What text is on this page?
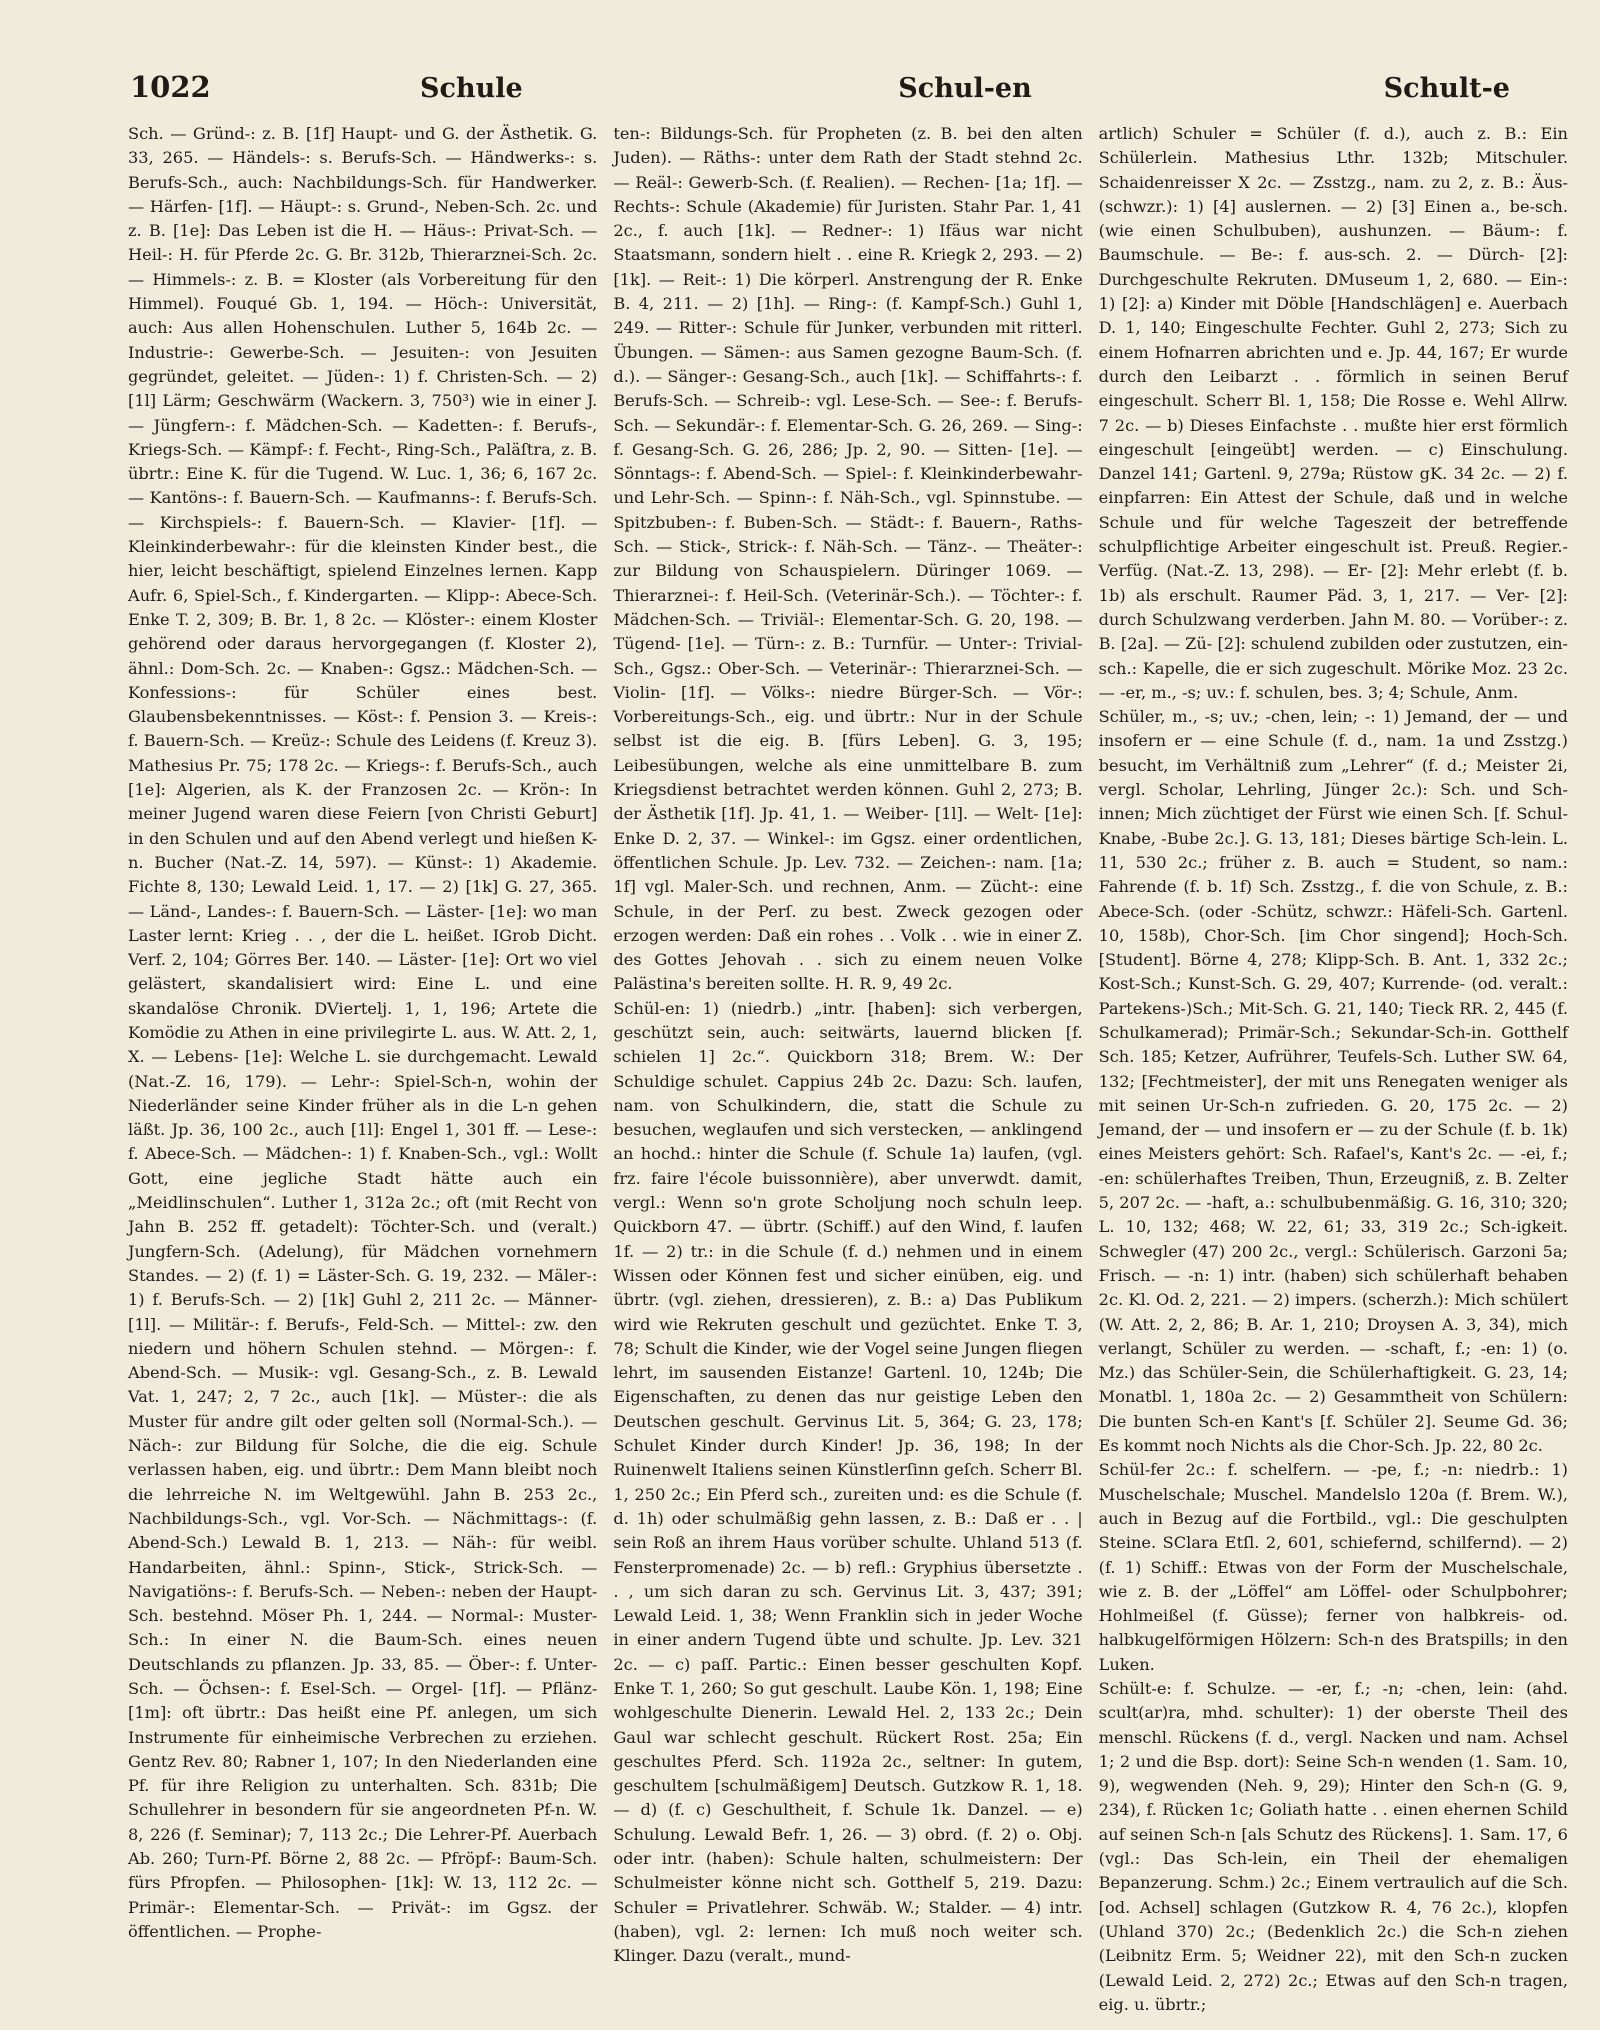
1022	Schule	Schul-en	Schult-e

Sch. — Gründ-: z. B. [1f] Haupt- und G. der Ästhetik. G. 33, 265. — Händels-: s. Berufs-Sch. — Händwerks-: s. Berufs-Sch., auch: Nachbildungs-Sch. für Handwerker. — Härfen- [1f]. — Häupt-: s. Grund-, Neben-Sch. 2c. und z. B. [1e]: Das Leben ist die H. — Häus-: Privat-Sch. — Heil-: H. für Pferde 2c. G. Br. 312b, Thierarznei-Sch. 2c. — Himmels-: z. B. = Kloster (als Vorbereitung für den Himmel). Fouqué Gb. 1, 194. — Höch-: Universität, auch: Aus allen Hohenschulen. Luther 5, 164b 2c. — Industrie-: Gewerbe-Sch. — Jesuiten-: von Jesuiten gegründet, geleitet. — Jüden-: 1) f. Christen-Sch. — 2) [1l] Lärm; Geschwärm (Wackern. 3, 750³) wie in einer J. — Jüngfern-: f. Mädchen-Sch. — Kadetten-: f. Berufs-, Kriegs-Sch. — Kämpf-: f. Fecht-, Ring-Sch., Paläſtra, z. B. übrtr.: Eine K. für die Tugend. W. Luc. 1, 36; 6, 167 2c. — Kantöns-: f. Bauern-Sch. — Kaufmanns-: f. Berufs-Sch. — Kirchspiels-: f. Bauern-Sch. — Klavier- [1f]. — Kleinkinderbewahr-: für die kleinsten Kinder best., die hier, leicht beschäftigt, spielend Einzelnes lernen. Kapp Aufr. 6, Spiel-Sch., f. Kindergarten. — Klipp-: Abece-Sch. Enke T. 2, 309; B. Br. 1, 8 2c. — Klöster-: einem Kloster gehörend oder daraus hervorgegangen (f. Kloster 2), ähnl.: Dom-Sch. 2c. — Knaben-: Ggsz.: Mädchen-Sch. — Konfessions-: für Schüler eines best. Glaubensbekenntnisses. — Köst-: f. Pension 3. — Kreis-: f. Bauern-Sch. — Kreüz-: Schule des Leidens (f. Kreuz 3). Mathesius Pr. 75; 178 2c. — Kriegs-: f. Berufs-Sch., auch [1e]: Algerien, als K. der Franzosen 2c. — Krön-: In meiner Jugend waren diese Feiern [von Christi Geburt] in den Schulen und auf den Abend verlegt und hießen K-n. Bucher (Nat.-Z. 14, 597). — Künst-: 1) Akademie. Fichte 8, 130; Lewald Leid. 1, 17. — 2) [1k] G. 27, 365. — Länd-, Landes-: f. Bauern-Sch. — Läster- [1e]: wo man Laster lernt: Krieg . . , der die L. heißet. IGrob Dicht. Verf. 2, 104; Görres Ber. 140. — Läster- [1e]: Ort wo viel gelästert, skandalisiert wird: Eine L. und eine skandalöse Chronik. DViertelj. 1, 1, 196; Artete die Komödie zu Athen in eine privilegirte L. aus. W. Att. 2, 1, X. — Lebens- [1e]: Welche L. sie durchgemacht. Lewald (Nat.-Z. 16, 179). — Lehr-: Spiel-Sch-n, wohin der Niederländer seine Kinder früher als in die L-n gehen läßt. Jp. 36, 100 2c., auch [1l]: Engel 1, 301 ff. — Lese-: f. Abece-Sch. — Mädchen-: 1) f. Knaben-Sch., vgl.: Wollt Gott, eine jegliche Stadt hätte auch ein „Meidlinschulen“. Luther 1, 312a 2c.; oft (mit Recht von Jahn B. 252 ff. getadelt): Töchter-Sch. und (veralt.) Jungfern-Sch. (Adelung), für Mädchen vornehmern Standes. — 2) (f. 1) = Läster-Sch. G. 19, 232. — Mäler-: 1) f. Berufs-Sch. — 2) [1k] Guhl 2, 211 2c. — Männer- [1l]. — Militär-: f. Berufs-, Feld-Sch. — Mittel-: zw. den niedern und höhern Schulen stehnd. — Mörgen-: f. Abend-Sch. — Musik-: vgl. Gesang-Sch., z. B. Lewald Vat. 1, 247; 2, 7 2c., auch [1k]. — Müster-: die als Muster für andre gilt oder gelten soll (Normal-Sch.). — Näch-: zur Bildung für Solche, die die eig. Schule verlassen haben, eig. und übrtr.: Dem Mann bleibt noch die lehrreiche N. im Weltgewühl. Jahn B. 253 2c., Nachbildungs-Sch., vgl. Vor-Sch. — Nächmittags-: (f. Abend-Sch.) Lewald B. 1, 213. — Näh-: für weibl. Handarbeiten, ähnl.: Spinn-, Stick-, Strick-Sch. — Navigatiöns-: f. Berufs-Sch. — Neben-: neben der Haupt-Sch. bestehnd. Möser Ph. 1, 244. — Normal-: Muster-Sch.: In einer N. die Baum-Sch. eines neuen Deutschlands zu pflanzen. Jp. 33, 85. — Öber-: f. Unter-Sch. — Öchsen-: f. Esel-Sch. — Orgel- [1f]. — Pflänz- [1m]: oft übrtr.: Das heißt eine Pf. anlegen, um sich Instrumente für einheimische Verbrechen zu erziehen. Gentz Rev. 80; Rabner 1, 107; In den Niederlanden eine Pf. für ihre Religion zu unterhalten. Sch. 831b; Die Schullehrer in besondern für sie angeordneten Pf-n. W. 8, 226 (f. Seminar); 7, 113 2c.; Die Lehrer-Pf. Auerbach Ab. 260; Turn-Pf. Börne 2, 88 2c. — Pfröpf-: Baum-Sch. fürs Pfropfen. — Philosophen- [1k]: W. 13, 112 2c. — Primär-: Elementar-Sch. — Privät-: im Ggsz. der öffentlichen. — Prophe-

ten-: Bildungs-Sch. für Propheten (z. B. bei den alten Juden). — Räths-: unter dem Rath der Stadt stehnd 2c. — Reäl-: Gewerb-Sch. (f. Realien). — Rechen- [1a; 1f]. — Rechts-: Schule (Akademie) für Juristen. Stahr Par. 1, 41 2c., f. auch [1k]. — Redner-: 1) Ifäus war nicht Staatsmann, sondern hielt . . eine R. Kriegk 2, 293. — 2) [1k]. — Reit-: 1) Die körperl. Anstrengung der R. Enke B. 4, 211. — 2) [1h]. — Ring-: (f. Kampf-Sch.) Guhl 1, 249. — Ritter-: Schule für Junker, verbunden mit ritterl. Übungen. — Sämen-: aus Samen gezogne Baum-Sch. (f. d.). — Sänger-: Gesang-Sch., auch [1k]. — Schiffahrts-: f. Berufs-Sch. — Schreib-: vgl. Lese-Sch. — See-: f. Berufs-Sch. — Sekundär-: f. Elementar-Sch. G. 26, 269. — Sing-: f. Gesang-Sch. G. 26, 286; Jp. 2, 90. — Sitten- [1e]. — Sönntags-: f. Abend-Sch. — Spiel-: f. Kleinkinderbewahr- und Lehr-Sch. — Spinn-: f. Näh-Sch., vgl. Spinnstube. — Spitzbuben-: f. Buben-Sch. — Städt-: f. Bauern-, Raths-Sch. — Stick-, Strick-: f. Näh-Sch. — Tänz-. — Theäter-: zur Bildung von Schauspielern. Düringer 1069. — Thierarznei-: f. Heil-Sch. (Veterinär-Sch.). — Töchter-: f. Mädchen-Sch. — Triviäl-: Elementar-Sch. G. 20, 198. — Tügend- [1e]. — Türn-: z. B.: Turnfür. — Unter-: Trivial-Sch., Ggsz.: Ober-Sch. — Veterinär-: Thierarznei-Sch. — Violin- [1f]. — Völks-: niedre Bürger-Sch. — Vör-: Vorbereitungs-Sch., eig. und übrtr.: Nur in der Schule selbst ist die eig. B. [fürs Leben]. G. 3, 195; Leibesübungen, welche als eine unmittelbare B. zum Kriegsdienst betrachtet werden können. Guhl 2, 273; B. der Ästhetik [1f]. Jp. 41, 1. — Weiber- [1l]. — Welt- [1e]: Enke D. 2, 37. — Winkel-: im Ggsz. einer ordentlichen, öffentlichen Schule. Jp. Lev. 732. — Zeichen-: nam. [1a; 1f] vgl. Maler-Sch. und rechnen, Anm. — Zücht-: eine Schule, in der Perſ. zu best. Zweck gezogen oder erzogen werden: Daß ein rohes . . Volk . . wie in einer Z. des Gottes Jehovah . . sich zu einem neuen Volke Palästina's bereiten sollte. H. R. 9, 49 2c.

Schül-en: 1) (niedrb.) „intr. [haben]: sich verbergen, geschützt sein, auch: seitwärts, lauernd blicken [f. schielen 1] 2c.“. Quickborn 318; Brem. W.: Der Schuldige schulet. Cappius 24b 2c. Dazu: Sch. laufen, nam. von Schulkindern, die, statt die Schule zu besuchen, weglaufen und sich verstecken, — anklingend an hochd.: hinter die Schule (f. Schule 1a) laufen, (vgl. frz. faire l'école buissonnière), aber unverwdt. damit, vergl.: Wenn so'n grote Scholjung noch schuln leep. Quickborn 47. — übrtr. (Schiff.) auf den Wind, f. laufen 1f. — 2) tr.: in die Schule (f. d.) nehmen und in einem Wissen oder Können fest und sicher einüben, eig. und übrtr. (vgl. ziehen, dressieren), z. B.: a) Das Publikum wird wie Rekruten geschult und gezüchtet. Enke T. 3, 78; Schult die Kinder, wie der Vogel seine Jungen fliegen lehrt, im sausenden Eistanze! Gartenl. 10, 124b; Die Eigenschaften, zu denen das nur geistige Leben den Deutschen geschult. Gervinus Lit. 5, 364; G. 23, 178; Schulet Kinder durch Kinder! Jp. 36, 198; In der Ruinenwelt Italiens seinen Künstlerſinn geſch. Scherr Bl. 1, 250 2c.; Ein Pferd sch., zureiten und: es die Schule (f. d. 1h) oder schulmäßig gehn lassen, z. B.: Daß er . . | sein Roß an ihrem Haus vorüber schulte. Uhland 513 (f. Fensterpromenade) 2c. — b) refl.: Gryphius übersetzte . . , um sich daran zu sch. Gervinus Lit. 3, 437; 391; Lewald Leid. 1, 38; Wenn Franklin sich in jeder Woche in einer andern Tugend übte und schulte. Jp. Lev. 321 2c. — c) paſſ. Partic.: Einen besser geschulten Kopf. Enke T. 1, 260; So gut geschult. Laube Kön. 1, 198; Eine wohlgeschulte Dienerin. Lewald Hel. 2, 133 2c.; Dein Gaul war schlecht geschult. Rückert Rost. 25a; Ein geschultes Pferd. Sch. 1192a 2c., seltner: In gutem, geschultem [schulmäßigem] Deutsch. Gutzkow R. 1, 18. — d) (f. c) Geschultheit, f. Schule 1k. Danzel. — e) Schulung. Lewald Befr. 1, 26. — 3) obrd. (f. 2) o. Obj. oder intr. (haben): Schule halten, schulmeistern: Der Schulmeister könne nicht sch. Gotthelf 5, 219. Dazu: Schuler = Privatlehrer. Schwäb. W.; Stalder. — 4) intr. (haben), vgl. 2: lernen: Ich muß noch weiter sch. Klinger. Dazu (veralt., mund-

artlich) Schuler = Schüler (f. d.), auch z. B.: Ein Schülerlein. Mathesius Lthr. 132b; Mitschuler. Schaidenreisser X 2c. — Zsstzg., nam. zu 2, z. B.: Äus- (schwzr.): 1) [4] auslernen. — 2) [3] Einen a., be-sch. (wie einen Schulbuben), aushunzen. — Bäum-: f. Baumschule. — Be-: f. aus-sch. 2. — Dürch- [2]: Durchgeschulte Rekruten. DMuseum 1, 2, 680. — Ein-: 1) [2]: a) Kinder mit Döble [Handschlägen] e. Auerbach D. 1, 140; Eingeschulte Fechter. Guhl 2, 273; Sich zu einem Hofnarren abrichten und e. Jp. 44, 167; Er wurde durch den Leibarzt . . förmlich in seinen Beruf eingeschult. Scherr Bl. 1, 158; Die Rosse e. Wehl Allrw. 7 2c. — b) Dieses Einfachste . . mußte hier erst förmlich eingeschult [eingeübt] werden. — c) Einschulung. Danzel 141; Gartenl. 9, 279a; Rüstow gK. 34 2c. — 2) f. einpfarren: Ein Attest der Schule, daß und in welche Schule und für welche Tageszeit der betreffende schulpflichtige Arbeiter eingeschult ist. Preuß. Regier.-Verfüg. (Nat.-Z. 13, 298). — Er- [2]: Mehr erlebt (f. b. 1b) als erschult. Raumer Päd. 3, 1, 217. — Ver- [2]: durch Schulzwang verderben. Jahn M. 80. — Vorüber-: z. B. [2a]. — Zü- [2]: schulend zubilden oder zustutzen, ein-sch.: Kapelle, die er sich zugeschult. Mörike Moz. 23 2c. — -er, m., -s; uv.: f. schulen, bes. 3; 4; Schule, Anm.

Schüler, m., -s; uv.; -chen, lein; -: 1) Jemand, der — und insofern er — eine Schule (f. d., nam. 1a und Zsstzg.) besucht, im Verhältniß zum „Lehrer“ (f. d.; Meister 2i, vergl. Scholar, Lehrling, Jünger 2c.): Sch. und Sch-innen; Mich züchtiget der Fürst wie einen Sch. [f. Schul-Knabe, -Bube 2c.]. G. 13, 181; Dieses bärtige Sch-lein. L. 11, 530 2c.; früher z. B. auch = Student, so nam.: Fahrende (f. b. 1f) Sch. Zsstzg., f. die von Schule, z. B.: Abece-Sch. (oder -Schütz, schwzr.: Häfeli-Sch. Gartenl. 10, 158b), Chor-Sch. [im Chor singend]; Hoch-Sch. [Student]. Börne 4, 278; Klipp-Sch. B. Ant. 1, 332 2c.; Kost-Sch.; Kunst-Sch. G. 29, 407; Kurrende- (od. veralt.: Partekens-)Sch.; Mit-Sch. G. 21, 140; Tieck RR. 2, 445 (f. Schulkamerad); Primär-Sch.; Sekundar-Sch-in. Gotthelf Sch. 185; Ketzer, Aufrührer, Teufels-Sch. Luther SW. 64, 132; [Fechtmeister], der mit uns Renegaten weniger als mit seinen Ur-Sch-n zufrieden. G. 20, 175 2c. — 2) Jemand, der — und insofern er — zu der Schule (f. b. 1k) eines Meisters gehört: Sch. Rafael's, Kant's 2c. — -ei, f.; -en: schülerhaftes Treiben, Thun, Erzeugniß, z. B. Zelter 5, 207 2c. — -haft, a.: schulbubenmäßig. G. 16, 310; 320; L. 10, 132; 468; W. 22, 61; 33, 319 2c.; Sch-igkeit. Schwegler (47) 200 2c., vergl.: Schülerisch. Garzoni 5a; Frisch. — -n: 1) intr. (haben) sich schülerhaft behaben 2c. Kl. Od. 2, 221. — 2) impers. (scherzh.): Mich schülert (W. Att. 2, 2, 86; B. Ar. 1, 210; Droysen A. 3, 34), mich verlangt, Schüler zu werden. — -schaft, f.; -en: 1) (o. Mz.) das Schüler-Sein, die Schülerhaftigkeit. G. 23, 14; Monatbl. 1, 180a 2c. — 2) Gesammtheit von Schülern: Die bunten Sch-en Kant's [f. Schüler 2]. Seume Gd. 36; Es kommt noch Nichts als die Chor-Sch. Jp. 22, 80 2c.

Schül-fer 2c.: f. schelfern. — -pe, f.; -n: niedrb.: 1) Muschelschale; Muschel. Mandelslo 120a (f. Brem. W.), auch in Bezug auf die Fortbild., vgl.: Die geschulpten Steine. SClara Etſl. 2, 601, schiefernd, schilfernd). — 2) (f. 1) Schiff.: Etwas von der Form der Muschelschale, wie z. B. der „Löffel“ am Löffel- oder Schulpbohrer; Hohlmeißel (f. Güsse); ferner von halbkreis- od. halbkugelförmigen Hölzern: Sch-n des Bratspills; in den Luken.

Schült-e: f. Schulze. — -er, f.; -n; -chen, lein: (ahd. scult(ar)ra, mhd. schulter): 1) der oberste Theil des menschl. Rückens (f. d., vergl. Nacken und nam. Achsel 1; 2 und die Bsp. dort): Seine Sch-n wenden (1. Sam. 10, 9), wegwenden (Neh. 9, 29); Hinter den Sch-n (G. 9, 234), f. Rücken 1c; Goliath hatte . . einen ehernen Schild auf seinen Sch-n [als Schutz des Rückens]. 1. Sam. 17, 6 (vgl.: Das Sch-lein, ein Theil der ehemaligen Bepanzerung. Schm.) 2c.; Einem vertraulich auf die Sch. [od. Achsel] schlagen (Gutzkow R. 4, 76 2c.), klopfen (Uhland 370) 2c.; (Bedenklich 2c.) die Sch-n ziehen (Leibnitz Erm. 5; Weidner 22), mit den Sch-n zucken (Lewald Leid. 2, 272) 2c.; Etwas auf den Sch-n tragen, eig. u. übrtr.;
